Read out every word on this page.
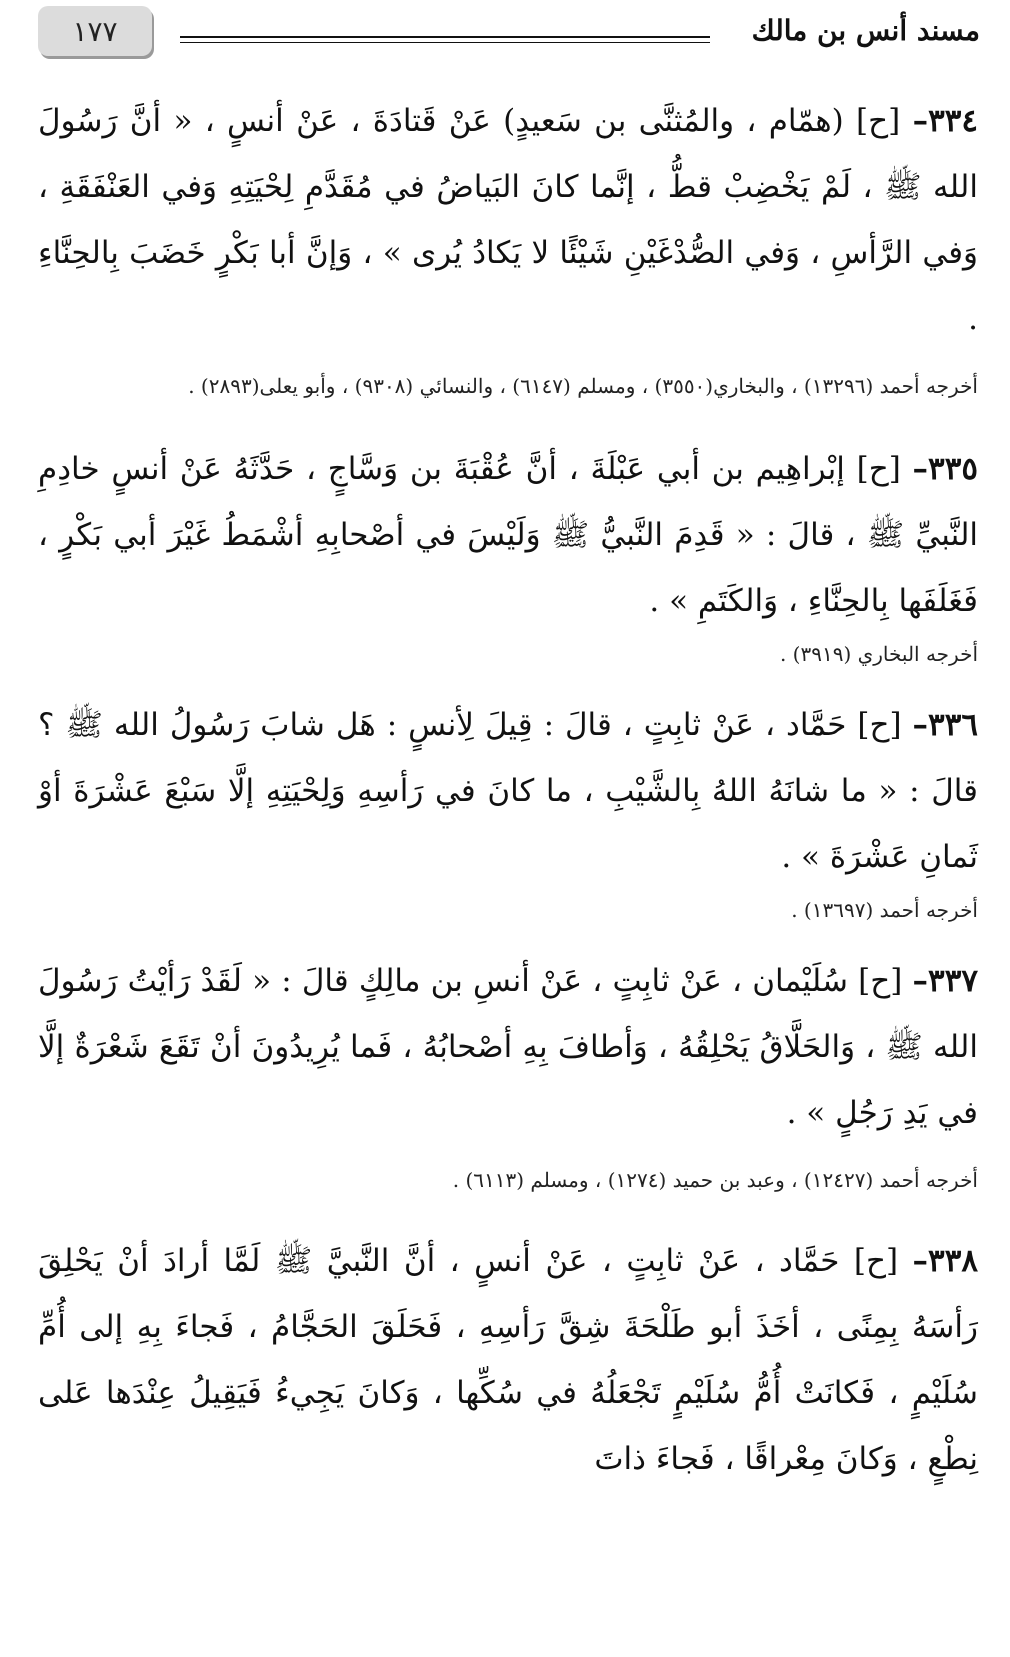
١٧٧	مسند أنس بن مالك

٣٣٤– [ح] (همّام ، والمُثنَّى بن سَعيدٍ) عَنْ قَتادَةَ ، عَنْ أنسٍ ، « أنَّ رَسُولَ الله ﷺ ، لَمْ يَخْضِبْ قطُّ ، إنَّما كانَ البَياضُ في مُقَدَّمِ لِحْيَتِهِ وَفي العَنْفَقَةِ ، وَفي الرَّأسِ ، وَفي الصُّدْغَيْنِ شَيْئًا لا يَكادُ يُرى » ، وَإنَّ أبا بَكْرٍ خَضَبَ بِالحِنَّاءِ .

أخرجه أحمد (١٣٢٩٦) ، والبخاري(٣٥٥٠) ، ومسلم (٦١٤٧) ، والنسائي (٩٣٠٨) ، وأبو يعلى(٢٨٩٣) .

٣٣٥– [ح] إبْراهِيم بن أبي عَبْلَةَ ، أنَّ عُقْبَةَ بن وَسَّاجٍ ، حَدَّثَهُ عَنْ أنسٍ خادِمِ النَّبيِّ ﷺ ، قالَ : « قَدِمَ النَّبيُّ ﷺ وَلَيْسَ في أصْحابِهِ أشْمَطُ غَيْرَ أبي بَكْرٍ ، فَغَلَفَها بِالحِنَّاءِ ، وَالكَتَمِ » .

أخرجه البخاري (٣٩١٩) .

٣٣٦– [ح] حَمَّاد ، عَنْ ثابِتٍ ، قالَ : قِيلَ لِأنسٍ : هَل شابَ رَسُولُ الله ﷺ ؟ قالَ : « ما شانَهُ اللهُ بِالشَّيْبِ ، ما كانَ في رَأسِهِ وَلِحْيَتِهِ إلَّا سَبْعَ عَشْرَةَ أوْ ثَمانِ عَشْرَةَ » .

أخرجه أحمد (١٣٦٩٧) .

٣٣٧– [ح] سُلَيْمان ، عَنْ ثابِتٍ ، عَنْ أنسِ بن مالِكٍ قالَ : « لَقَدْ رَأيْتُ رَسُولَ الله ﷺ ، وَالحَلَّاقُ يَحْلِقُهُ ، وَأطافَ بِهِ أصْحابُهُ ، فَما يُرِيدُونَ أنْ تَقَعَ شَعْرَةٌ إلَّا في يَدِ رَجُلٍ » .

أخرجه أحمد (١٢٤٢٧) ، وعبد بن حميد (١٢٧٤) ، ومسلم (٦١١٣) .

٣٣٨– [ح] حَمَّاد ، عَنْ ثابِتٍ ، عَنْ أنسٍ ، أنَّ النَّبيَّ ﷺ لَمَّا أرادَ أنْ يَحْلِقَ رَأسَهُ بِمِنًى ، أخَذَ أبو طَلْحَةَ شِقَّ رَأسِهِ ، فَحَلَقَ الحَجَّامُ ، فَجاءَ بِهِ إلى أُمِّ سُلَيْمٍ ، فَكانَتْ أُمُّ سُلَيْمٍ تَجْعَلُهُ في سُكِّها ، وَكانَ يَجِيءُ فَيَقِيلُ عِنْدَها عَلى نِطْعٍ ، وَكانَ مِعْراقًا ، فَجاءَ ذاتَ
